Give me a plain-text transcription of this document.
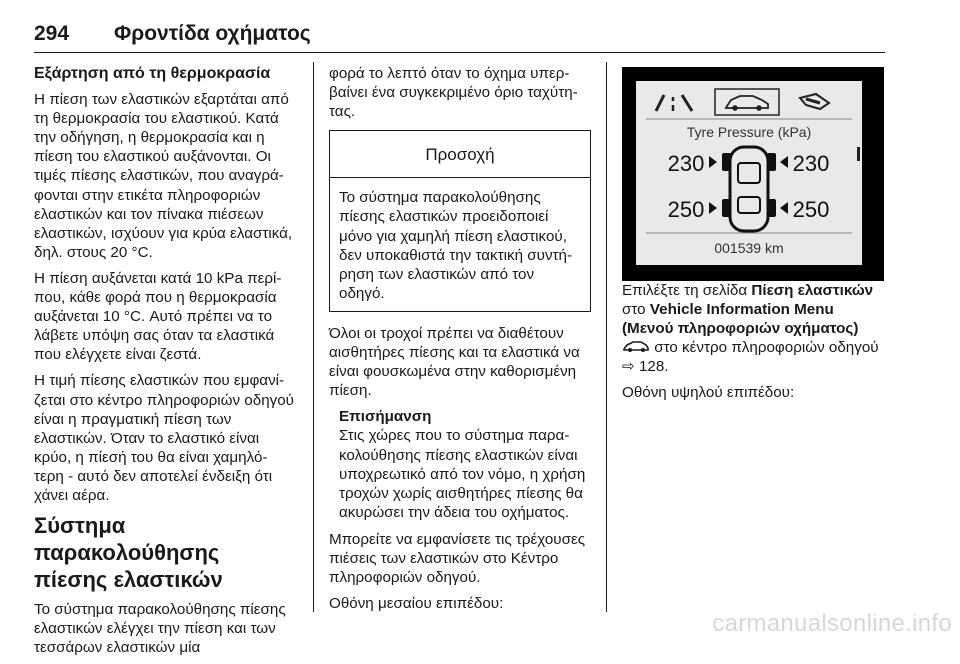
294 Φροντίδα οχήματος

Εξάρτηση από τη θερμοκρασία

Η πίεση των ελαστικών εξαρτάται από τη θερμοκρασία του ελαστικού. Κατά την οδήγηση, η θερμοκρασία και η πίεση του ελαστικού αυξάνονται. Οι τιμές πίεσης ελαστικών, που αναγρά-φονται στην ετικέτα πληροφοριών ελαστικών και τον πίνακα πιέσεων ελαστικών, ισχύουν για κρύα ελαστικά, δηλ. στους 20 °C.

Η πίεση αυξάνεται κατά 10 kPa περί-που, κάθε φορά που η θερμοκρασία αυξάνεται 10 °C. Αυτό πρέπει να το λάβετε υπόψη σας όταν τα ελαστικά που ελέγχετε είναι ζεστά.

Η τιμή πίεσης ελαστικών που εμφανί-ζεται στο κέντρο πληροφοριών οδηγού είναι η πραγματική πίεση των ελαστικών. Όταν το ελαστικό είναι κρύο, η πίεσή του θα είναι χαμηλό-τερη - αυτό δεν αποτελεί ένδειξη ότι χάνει αέρα.

Σύστημα παρακολούθησης πίεσης ελαστικών

Το σύστημα παρακολούθησης πίεσης ελαστικών ελέγχει την πίεση και των τεσσάρων ελαστικών μία

φορά το λεπτό όταν το όχημα υπερ-βαίνει ένα συγκεκριμένο όριο ταχύτη-τας.

Προσοχή
Το σύστημα παρακολούθησης πίεσης ελαστικών προειδοποιεί μόνο για χαμηλή πίεση ελαστικού, δεν υποκαθιστά την τακτική συντή-ρηση των ελαστικών από τον οδηγό.

Όλοι οι τροχοί πρέπει να διαθέτουν αισθητήρες πίεσης και τα ελαστικά να είναι φουσκωμένα στην καθορισμένη πίεση.

Επισήμανση
Στις χώρες που το σύστημα παρα-κολούθησης πίεσης ελαστικών είναι υποχρεωτικό από τον νόμο, η χρήση τροχών χωρίς αισθητήρες πίεσης θα ακυρώσει την άδεια του οχήματος.

Μπορείτε να εμφανίσετε τις τρέχουσες πιέσεις των ελαστικών στο Κέντρο πληροφοριών οδηγού.

Οθόνη μεσαίου επιπέδου:

Tyre Pressure (kPa)
230	230
250	250
001539 km

Επιλέξτε τη σελίδα Πίεση ελαστικών στο Vehicle Information Menu (Μενού πληροφοριών οχήματος)  στο κέντρο πληροφοριών οδηγού ⇨ 128.

Οθόνη υψηλού επιπέδου:

carmanualsonline.info
